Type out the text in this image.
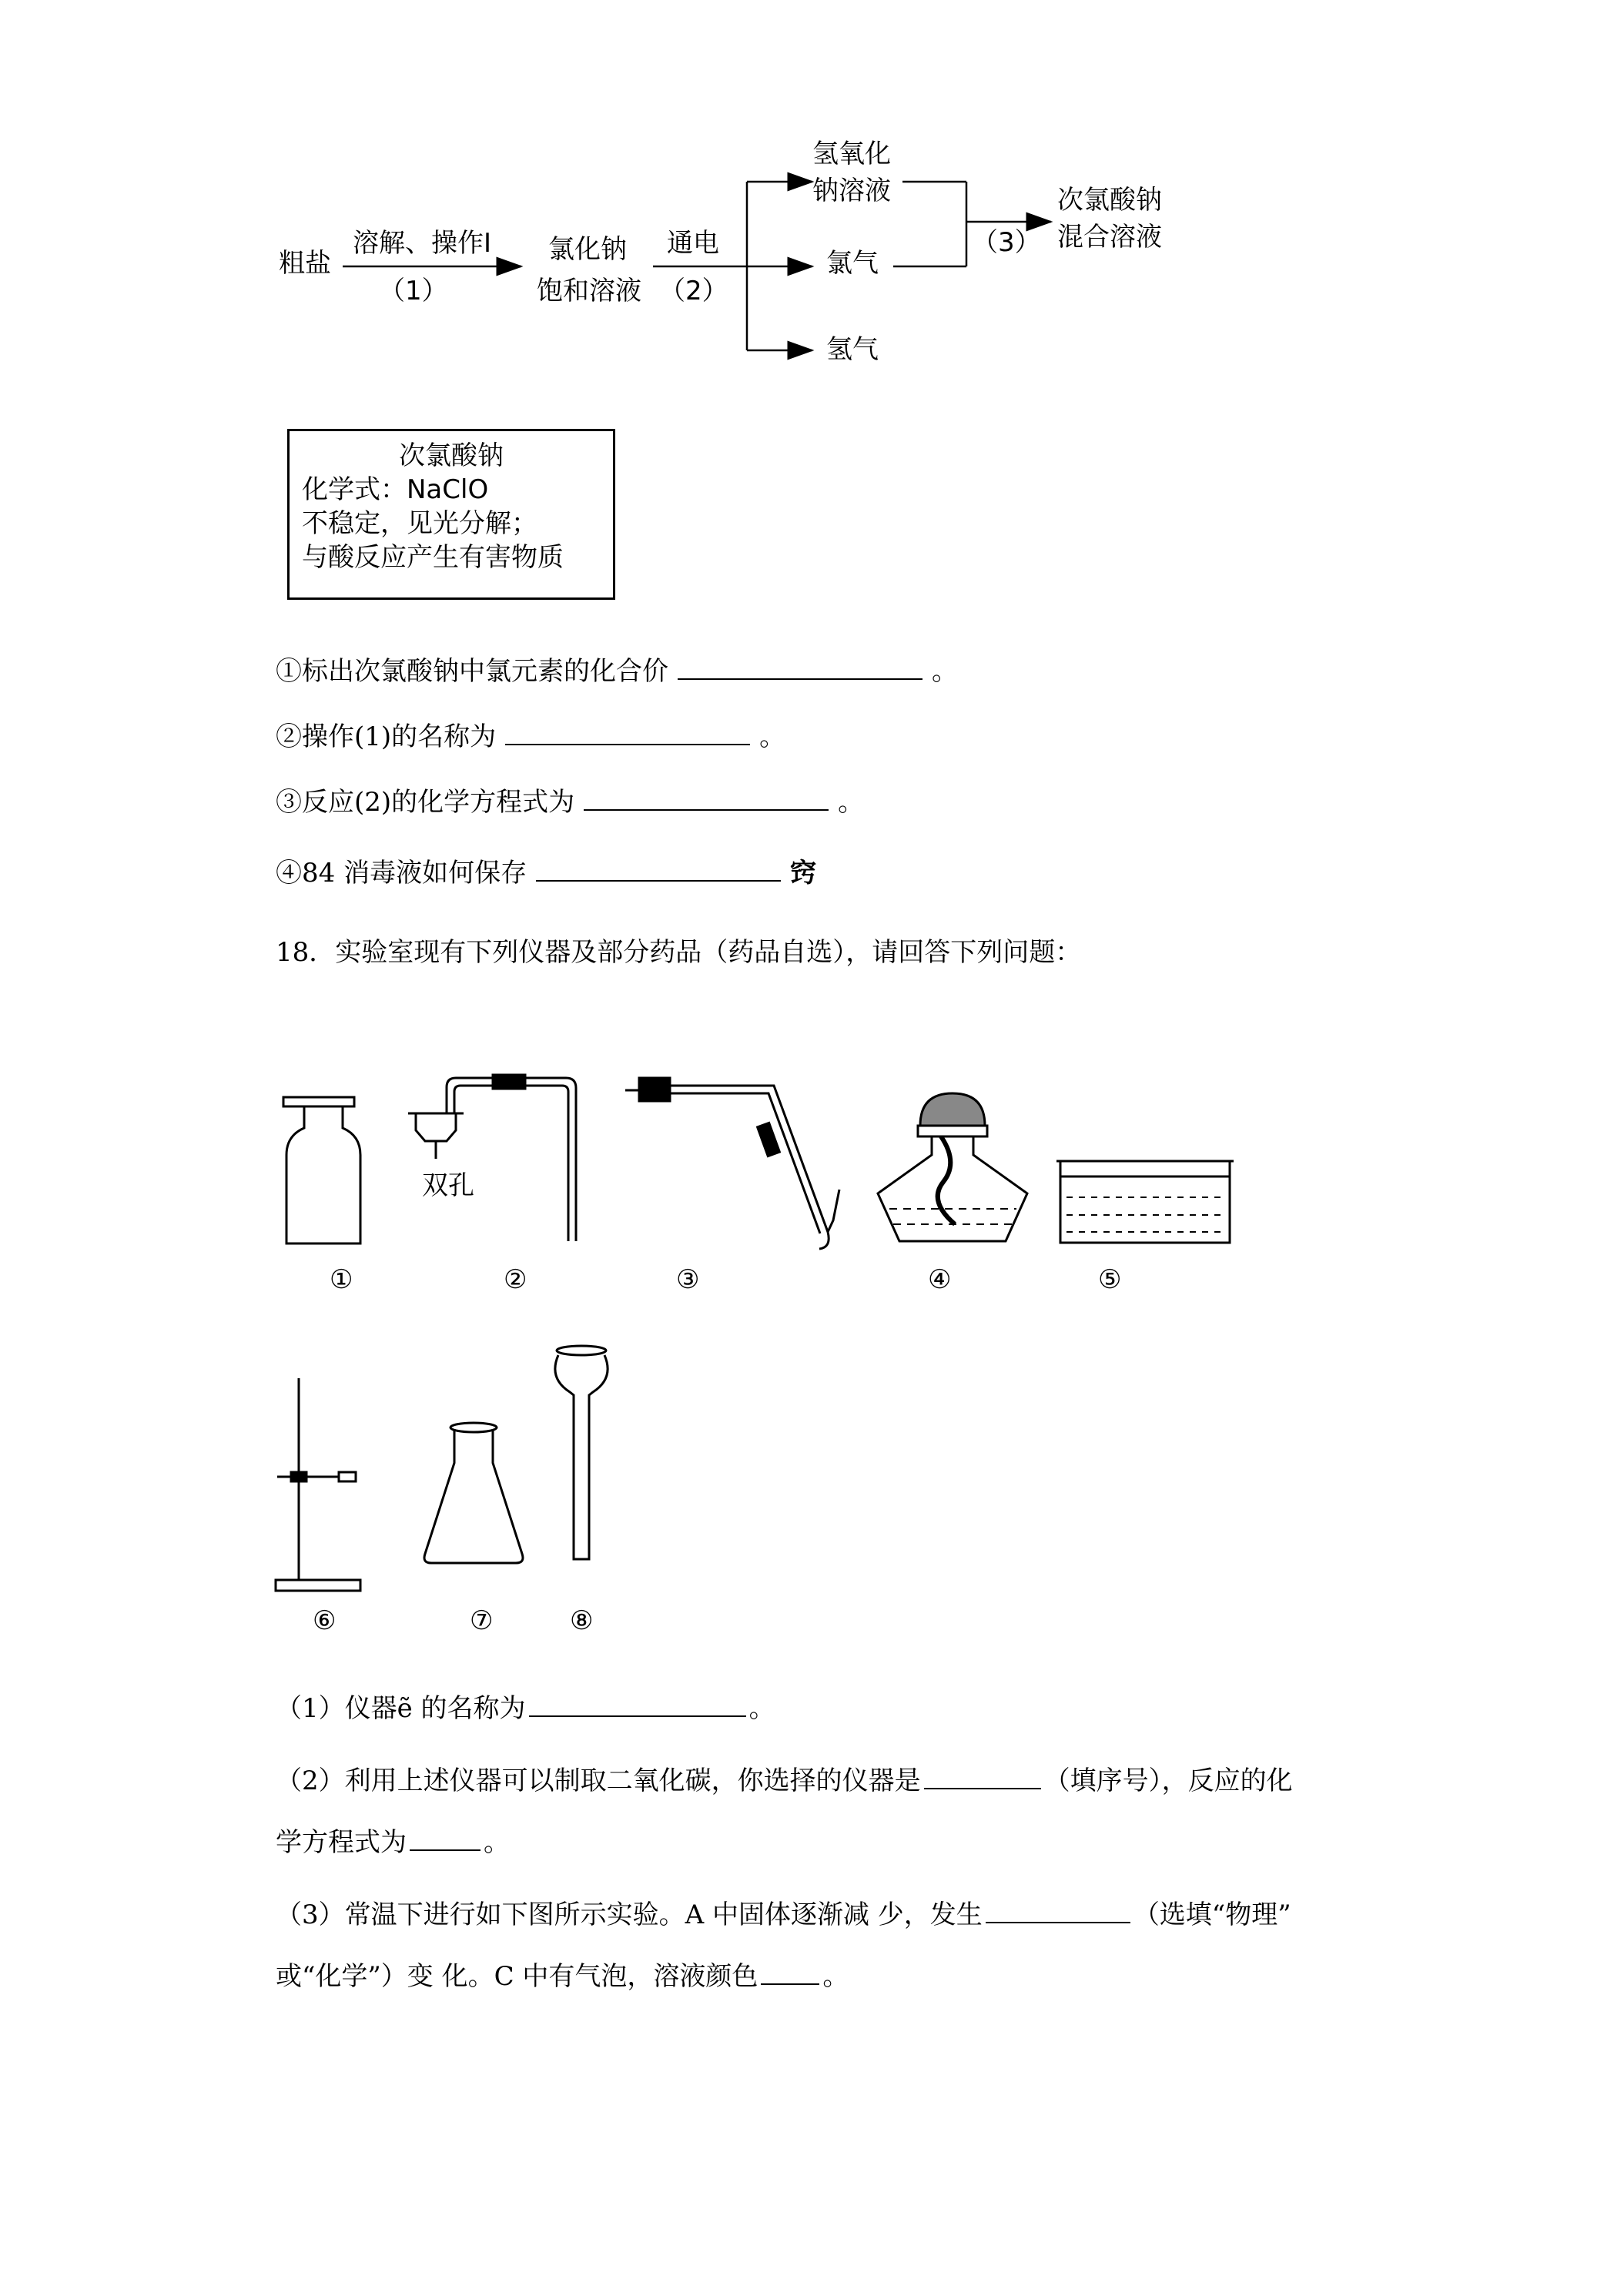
粗盐
溶解、操作I
（1）
氯化钠
饱和溶液
通电
（2）
氢氧化
钠溶液
氯气
氢气
（3）
次氯酸钠
混合溶液
次氯酸钠
化学式：NaClO
不稳定，见光分解；
与酸反应产生有害物质
①标出次氯酸钠中氯元素的化合价	。
②操作(1)的名称为	。
③反应(2)的化学方程式为	。
④84 消毒液如何保存	窍
18．实验室现有下列仪器及部分药品（药品自选），请回答下列问题：
①	②	③	④	⑤
⑥	⑦	⑧
双孔
（1）仪器ẽ 的名称为	。
（2）利用上述仪器可以制取二氧化碳，你选择的仪器是	（填序号），反应的化
学方程式为	。
（3）常温下进行如下图所示实验。A 中固体逐渐减 少，发生	（选填“物理”
或“化学”）变 化。C 中有气泡，溶液颜色 。
